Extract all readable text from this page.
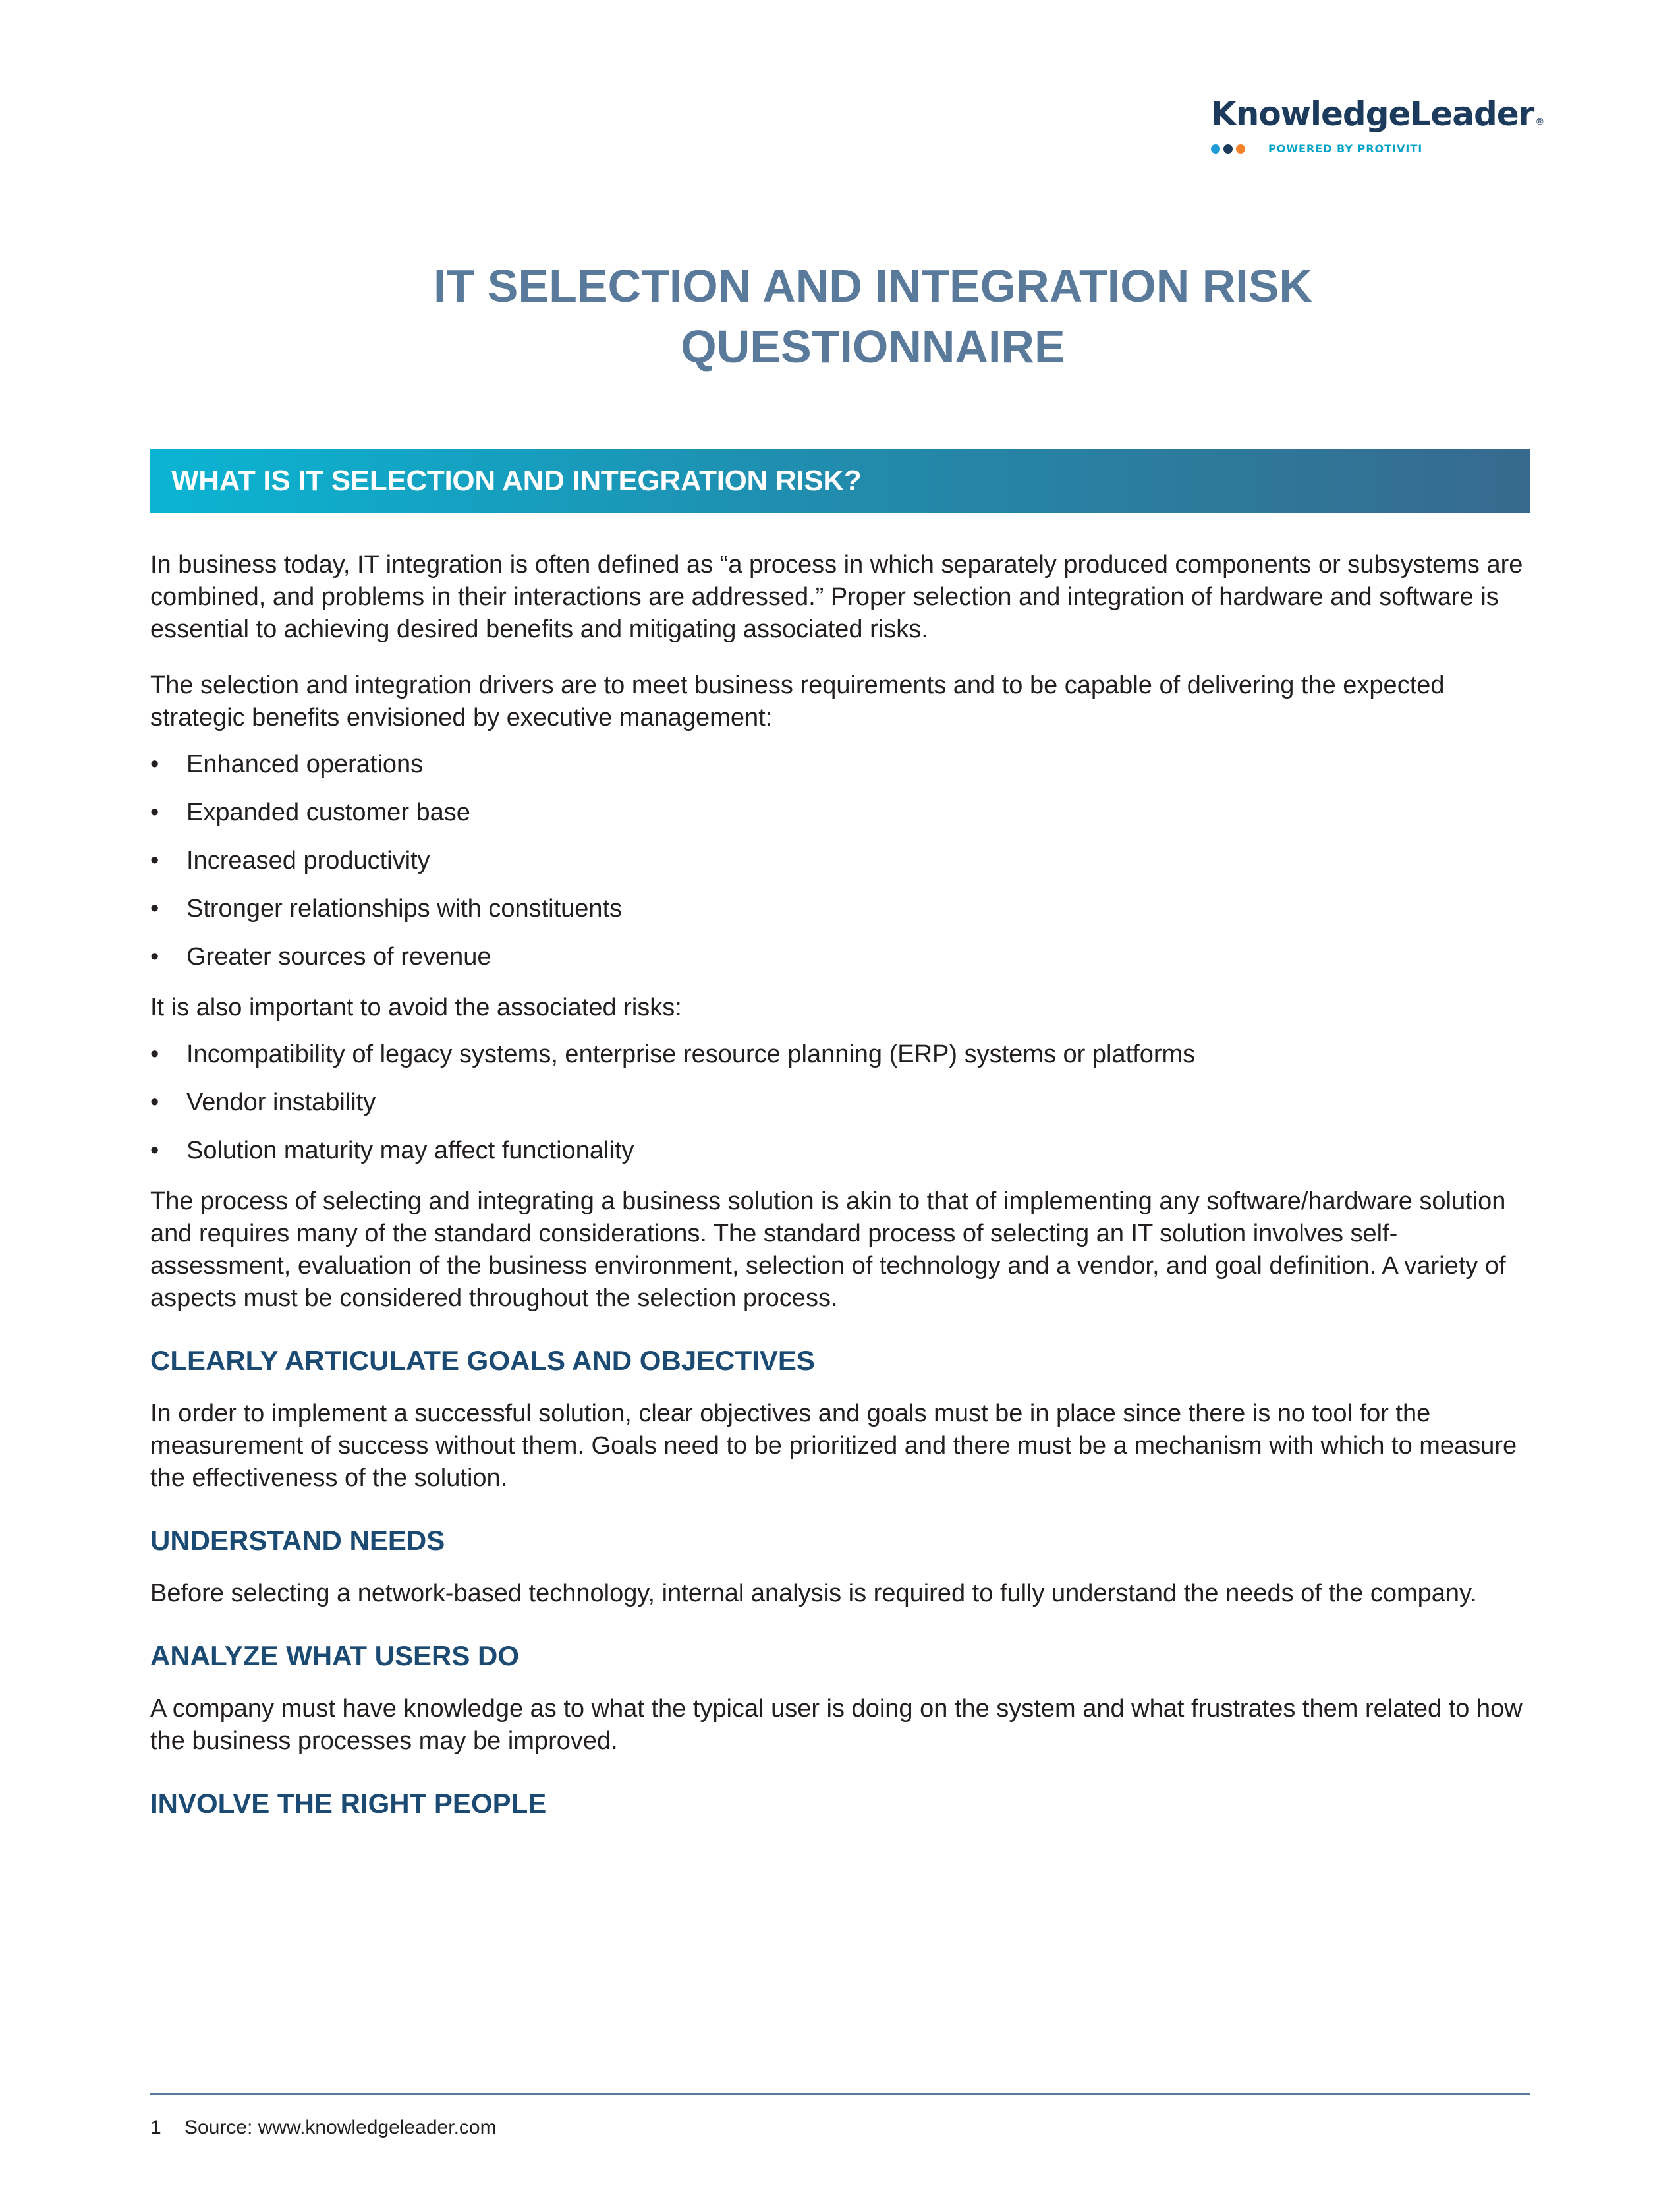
KnowledgeLeader ®
POWERED BY PROTIVITI
IT SELECTION AND INTEGRATION RISK
QUESTIONNAIRE
WHAT IS IT SELECTION AND INTEGRATION RISK?

In business today, IT integration is often defined as “a process in which separately produced components or subsystems are combined, and problems in their interactions are addressed.” Proper selection and integration of hardware and software is essential to achieving desired benefits and mitigating associated risks.

The selection and integration drivers are to meet business requirements and to be capable of delivering the expected strategic benefits envisioned by executive management:

• Enhanced operations
• Expanded customer base
• Increased productivity
• Stronger relationships with constituents
• Greater sources of revenue

It is also important to avoid the associated risks:

• Incompatibility of legacy systems, enterprise resource planning (ERP) systems or platforms
• Vendor instability
• Solution maturity may affect functionality

The process of selecting and integrating a business solution is akin to that of implementing any software/hardware solution and requires many of the standard considerations. The standard process of selecting an IT solution involves self-assessment, evaluation of the business environment, selection of technology and a vendor, and goal definition. A variety of aspects must be considered throughout the selection process.

CLEARLY ARTICULATE GOALS AND OBJECTIVES

In order to implement a successful solution, clear objectives and goals must be in place since there is no tool for the measurement of success without them. Goals need to be prioritized and there must be a mechanism with which to measure the effectiveness of the solution.

UNDERSTAND NEEDS

Before selecting a network-based technology, internal analysis is required to fully understand the needs of the company.

ANALYZE WHAT USERS DO

A company must have knowledge as to what the typical user is doing on the system and what frustrates them related to how the business processes may be improved.

INVOLVE THE RIGHT PEOPLE
1	Source: www.knowledgeleader.com
